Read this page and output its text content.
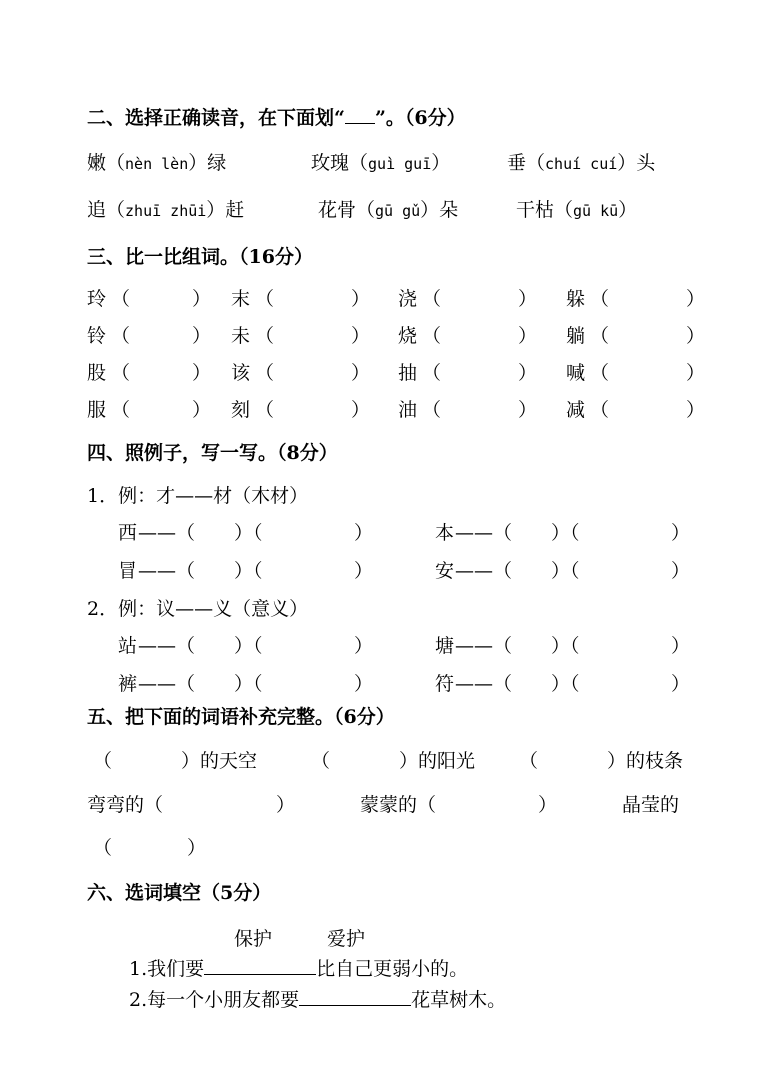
二、选择正确读音，在下面划“ ”。（6分）
嫩（nèn lèn）绿	玫瑰（guì guī）	垂（chuí cuí）头
追（zhuī zhūi）赶	花骨（gū gǔ）朵	干枯（gū kū）
三、比一比组词。（16分）
玲 （	） 末 （	） 浇 （	） 躲 （	）
铃 （	） 未 （	） 烧 （	） 躺 （	）
股 （	） 该 （	） 抽 （	） 喊 （	）
服 （	） 刻 （	） 油 （	） 减 （	）
四、照例子，写一写。（8分）
1．例：才——材（木材）
西 ——（ ）（	）	本 ——（ ）（	）
冒 ——（ ）（	）	安 ——（ ）（	）
2．例：议——义（意义）
站 ——（ ）（	）	塘 ——（ ）（	）
裤 ——（ ）（	）	符 ——（ ）（	）
五、把下面的词语补充完整。（6分）
（	）的天空	（	）的阳光 （	）的枝条
弯弯的（	）	蒙蒙的（	）	晶莹的
（	）
六、选词填空（5分）
保护	爱护
1.我们要	比自己更弱小的。
2.每一个小朋友都要	花草树木。
